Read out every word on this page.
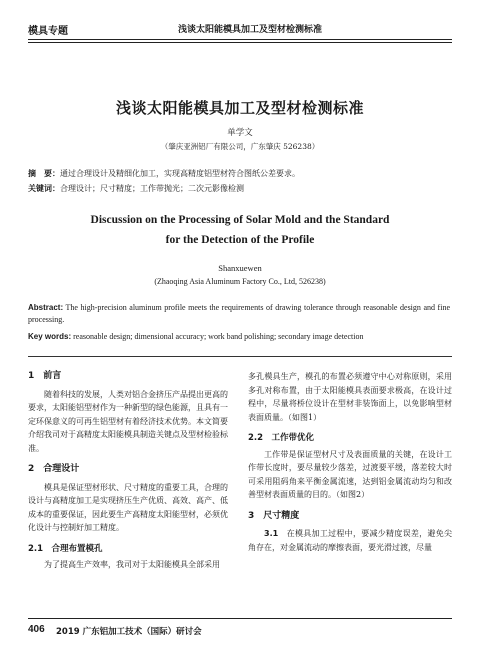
模具专题	浅谈太阳能模具加工及型材检测标准
浅谈太阳能模具加工及型材检测标准
单学文
（肇庆亚洲铝厂有限公司，广东肇庆 526238）
摘　要：通过合理设计及精细化加工，实现高精度铝型材符合图纸公差要求。
关键词：合理设计；尺寸精度；工作带抛光；二次元影像检测
Discussion on the Processing of Solar Mold and the Standard
for the Detection of the Profile
Shanxuewen
(Zhaoqing Asia Aluminum Factory Co., Ltd, 526238)
Abstract: The high-precision aluminum profile meets the requirements of drawing tolerance through reasonable design and fine processing.
Key words: reasonable design; dimensional accuracy; work band polishing; secondary image detection
1　前言

随着科技的发展，人类对铝合金挤压产品提出更高的要求，太阳能铝型材作为一种新型的绿色能源，且具有一定环保意义的可再生铝型材有着经济技术优势。本文简要介绍我司对于高精度太阳能模具制造关键点及型材检验标准。

2　合理设计

模具是保证型材形状、尺寸精度的重要工具，合理的设计与高精度加工是实现挤压生产优质、高效、高产、低成本的重要保证，因此要生产高精度太阳能型材，必须优化设计与控制好加工精度。

2.1　合理布置模孔

为了提高生产效率，我司对于太阳能模具全部采用

多孔模具生产，模孔的布置必须遵守中心对称原则，采用多孔对称布置，由于太阳能模具表面要求极高，在设计过程中，尽量将桥位设计在型材非装饰面上，以免影响型材表面质量。（如图1）

2.2　工作带优化

工作带是保证型材尺寸及表面质量的关键，在设计工作带长度时，要尽量较少落差，过渡要平缓，落差较大时可采用阻码角来平衡金属流速，达到铝金属流动均匀和改善型材表面质量的目的。（如图2）

3　尺寸精度

3.1　在模具加工过程中，要减少精度误差，避免尖角存在，对金属流动的摩擦表面，要光滑过渡，尽量

406 2019 广东铝加工技术（国际）研讨会
